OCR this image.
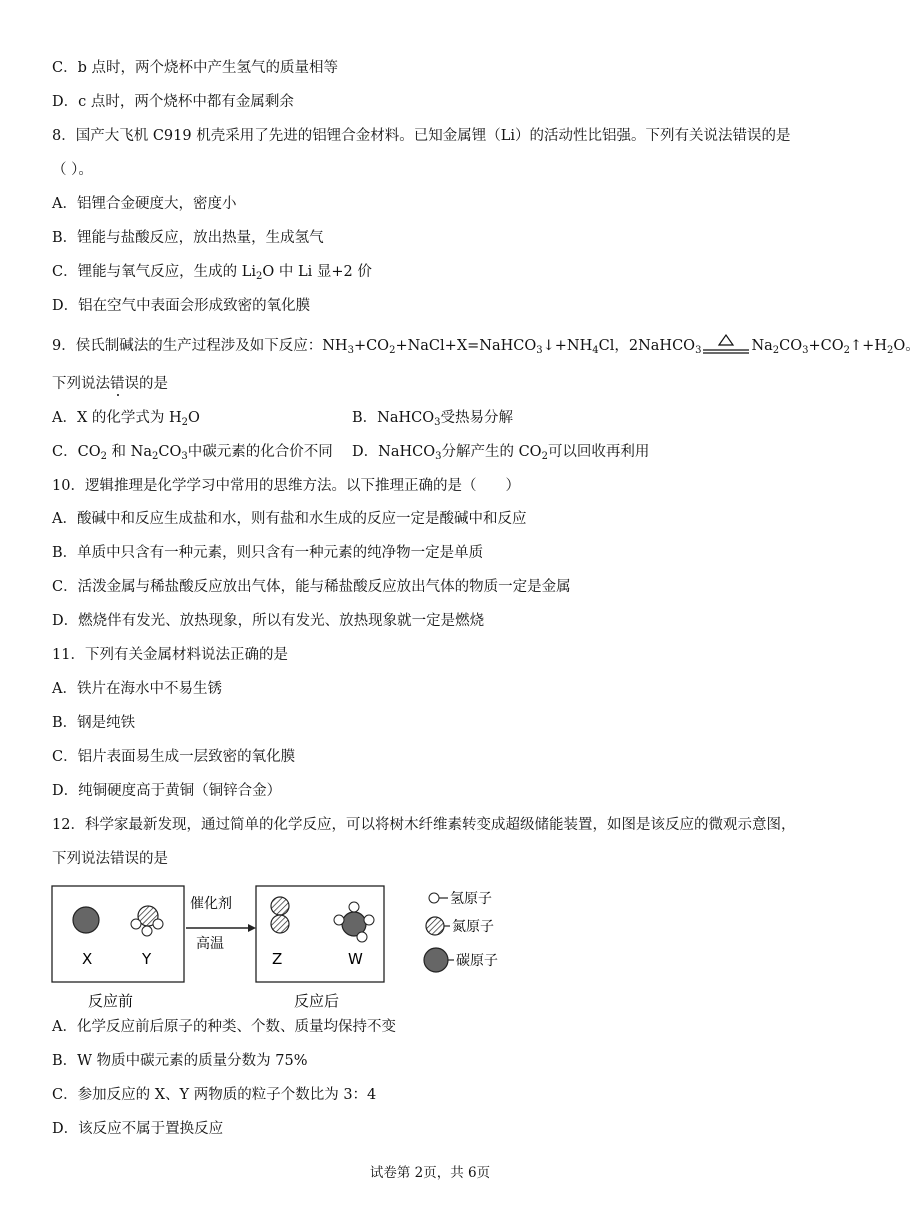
C．b 点时，两个烧杯中产生氢气的质量相等
D．c 点时，两个烧杯中都有金属剩余
8．国产大飞机 C919 机壳采用了先进的铝锂合金材料。已知金属锂（Li）的活动性比铝强。下列有关说法错误的是
（ ）。
A．铝锂合金硬度大，密度小
B．锂能与盐酸反应，放出热量，生成氢气
C．锂能与氧气反应，生成的 $Li_2O$ 中 Li 显+2 价
D．铝在空气中表面会形成致密的氧化膜
9．侯氏制碱法的生产过程涉及如下反应：$NH_3+CO_2+NaCl+X=NaHCO_3↓+NH_4Cl$，2NaHCO$_3$	$Na_2CO_3+CO_2↑+H_2O$。
下列说法错误的是
A．X 的化学式为 $H_2O$	B．NaHCO$_3$受热易分解
C．$CO_2$ 和 $Na_2CO_3$中碳元素的化合价不同 D．NaHCO$_3$分解产生的 $CO_2$可以回收再利用
10．逻辑推理是化学学习中常用的思维方法。以下推理正确的是（　　）
A．酸碱中和反应生成盐和水，则有盐和水生成的反应一定是酸碱中和反应
B．单质中只含有一种元素，则只含有一种元素的纯净物一定是单质
C．活泼金属与稀盐酸反应放出气体，能与稀盐酸反应放出气体的物质一定是金属
D．燃烧伴有发光、放热现象，所以有发光、放热现象就一定是燃烧
11．下列有关金属材料说法正确的是
A．铁片在海水中不易生锈
B．钢是纯铁
C．铝片表面易生成一层致密的氧化膜
D．纯铜硬度高于黄铜（铜锌合金）
12．科学家最新发现，通过简单的化学反应，可以将树木纤维素转变成超级储能装置，如图是该反应的微观示意图，
下列说法错误的是
X	Y
反应前
催化剂
高温
Z	W
反应后
氢原子
氮原子
碳原子
A．化学反应前后原子的种类、个数、质量均保持不变
B．W 物质中碳元素的质量分数为 75%
C．参加反应的 X、Y 两物质的粒子个数比为 3：4
D．该反应不属于置换反应
试卷第 2页，共 6页
